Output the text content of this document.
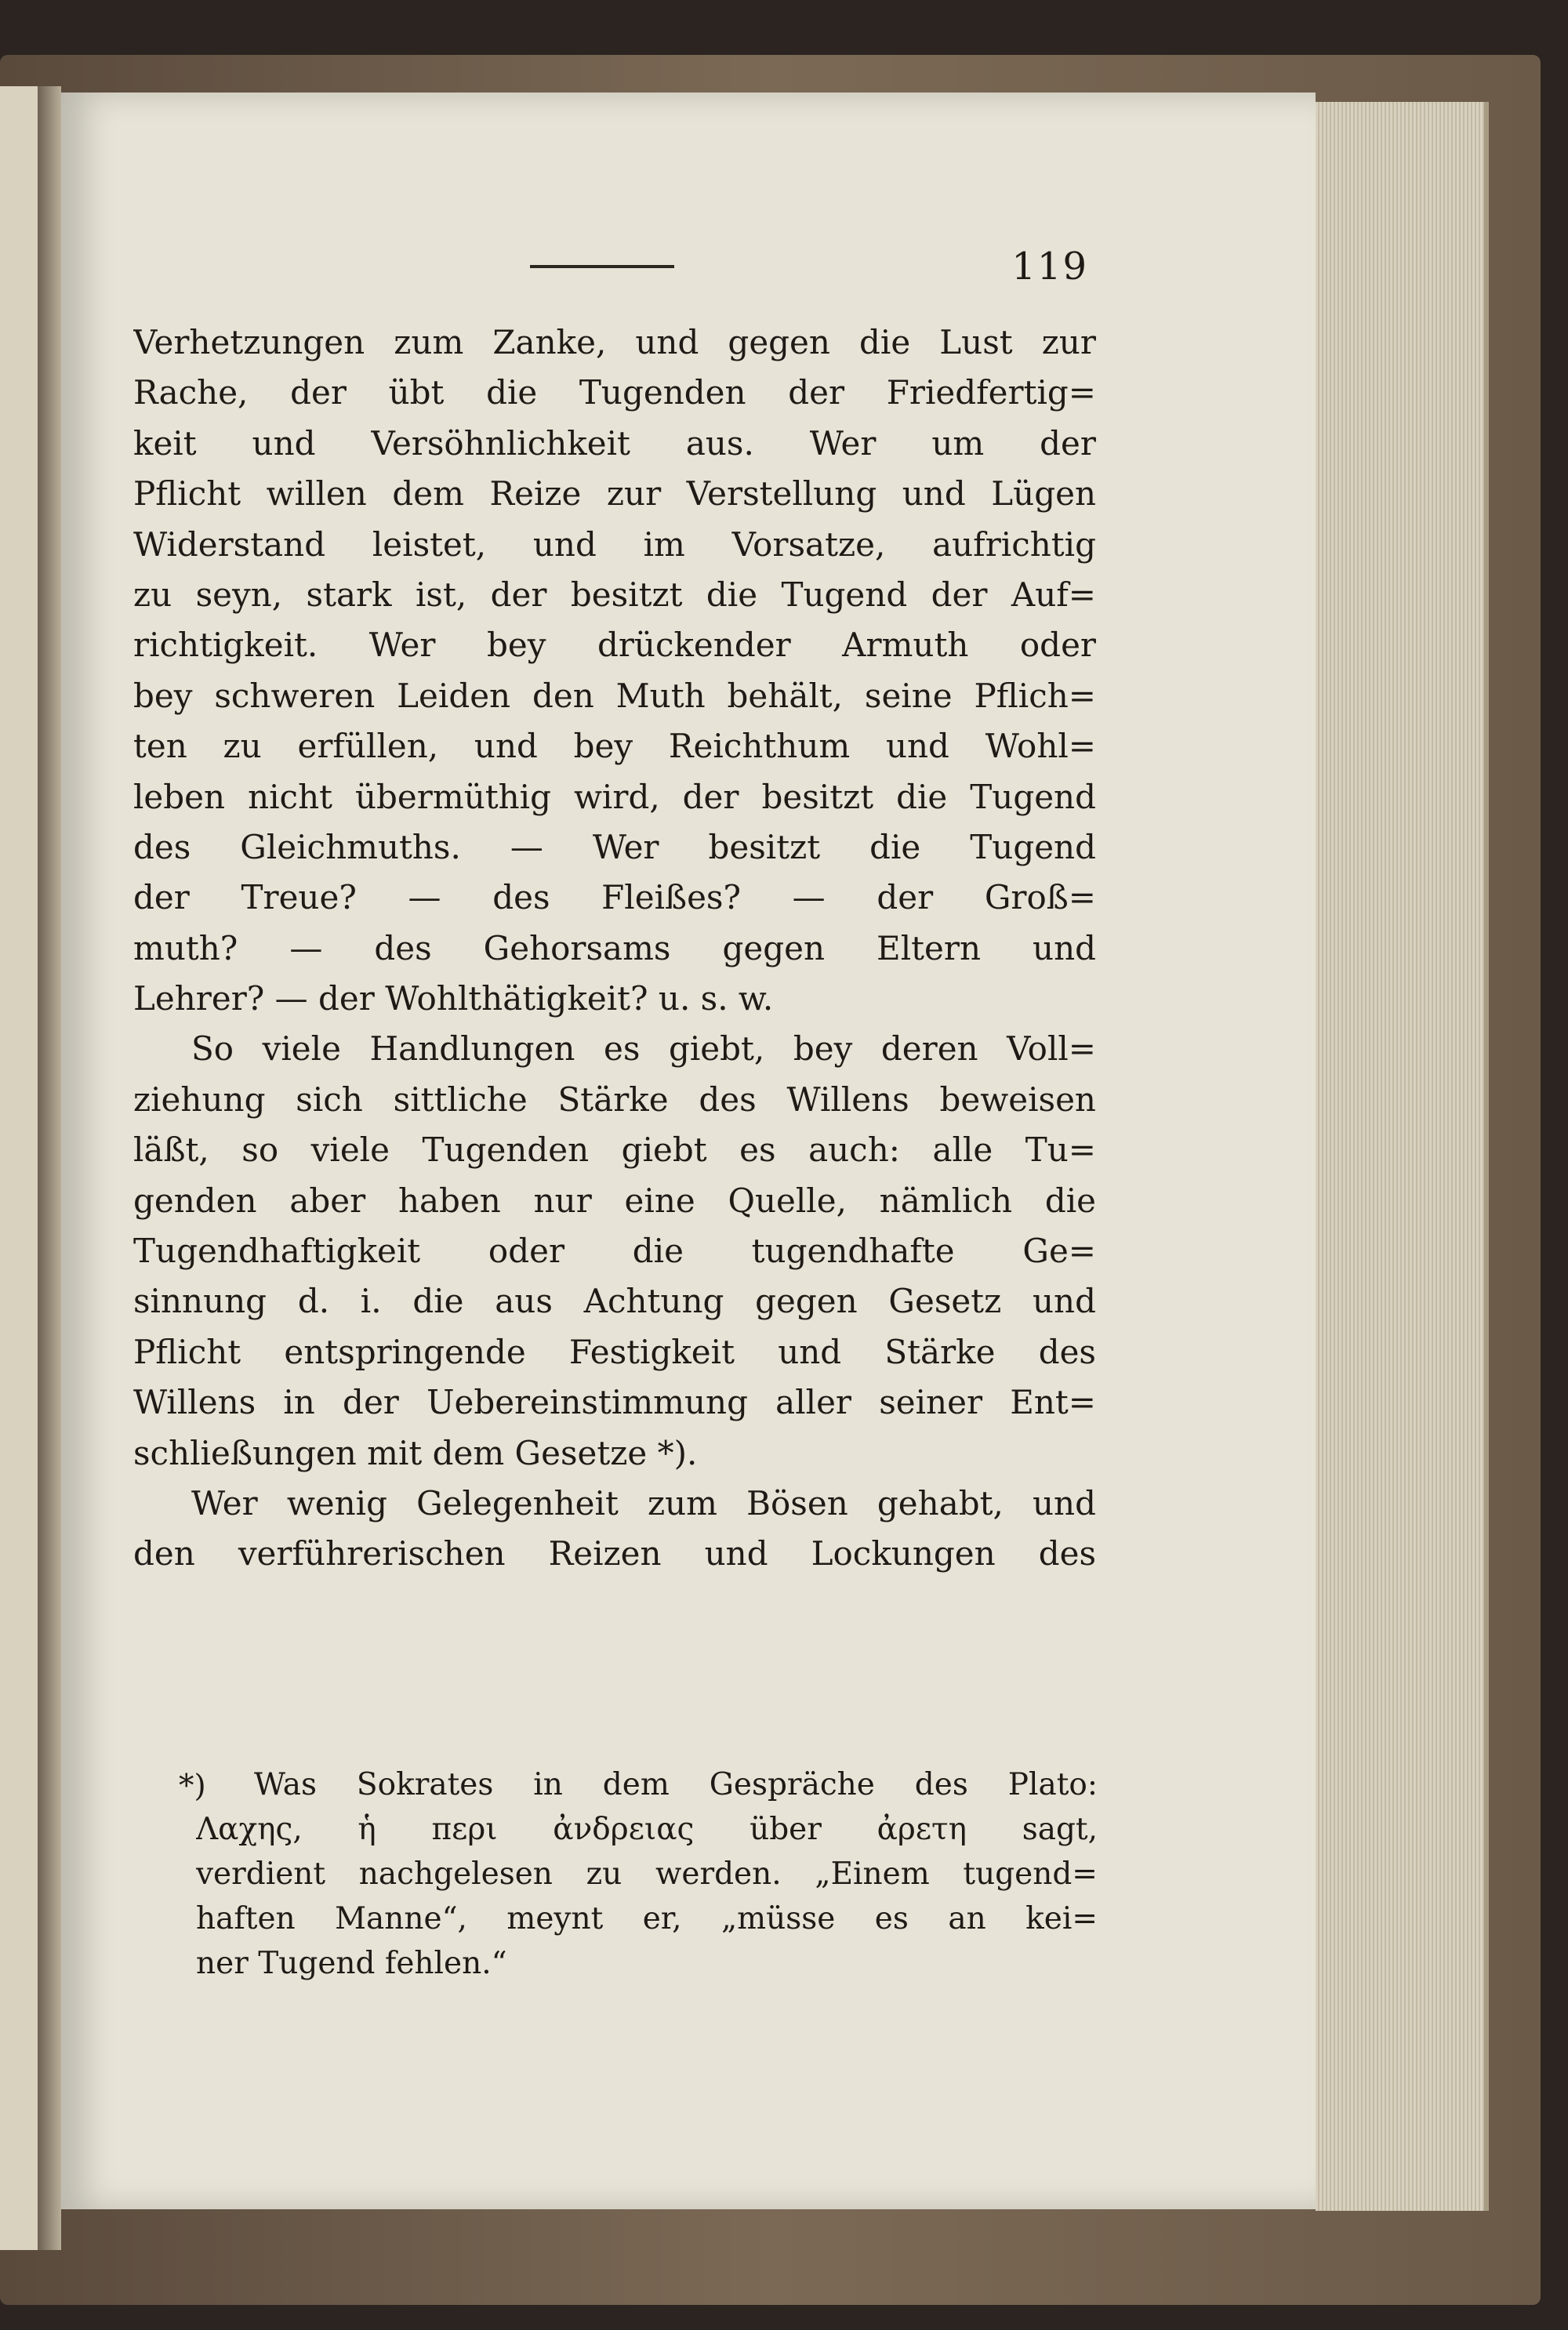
119
Verhetzungen zum Zanke, und gegen die Lust zur
Rache, der übt die Tugenden der Friedfertig=
keit und Versöhnlichkeit aus. Wer um der
Pflicht willen dem Reize zur Verstellung und Lügen
Widerstand leistet, und im Vorsatze, aufrichtig
zu seyn, stark ist, der besitzt die Tugend der Auf=
richtigkeit. Wer bey drückender Armuth oder
bey schweren Leiden den Muth behält, seine Pflich=
ten zu erfüllen, und bey Reichthum und Wohl=
leben nicht übermüthig wird, der besitzt die Tugend
des Gleichmuths. — Wer besitzt die Tugend
der Treue? — des Fleißes? — der Groß=
muth? — des Gehorsams gegen Eltern und
Lehrer? — der Wohlthätigkeit? u. s. w.
So viele Handlungen es giebt, bey deren Voll=
ziehung sich sittliche Stärke des Willens beweisen
läßt, so viele Tugenden giebt es auch: alle Tu=
genden aber haben nur eine Quelle, nämlich die
Tugendhaftigkeit oder die tugendhafte Ge=
sinnung d. i. die aus Achtung gegen Gesetz und
Pflicht entspringende Festigkeit und Stärke des
Willens in der Uebereinstimmung aller seiner Ent=
schließungen mit dem Gesetze *).
Wer wenig Gelegenheit zum Bösen gehabt, und
den verführerischen Reizen und Lockungen des
*)	Was Sokrates in dem Gespräche des Plato:
Λαχης, ἡ περι ἀνδρειας über ἀρετη sagt,
verdient nachgelesen zu werden. „Einem tugend=
haften Manne“, meynt er, „müsse es an kei=
ner Tugend fehlen.“
